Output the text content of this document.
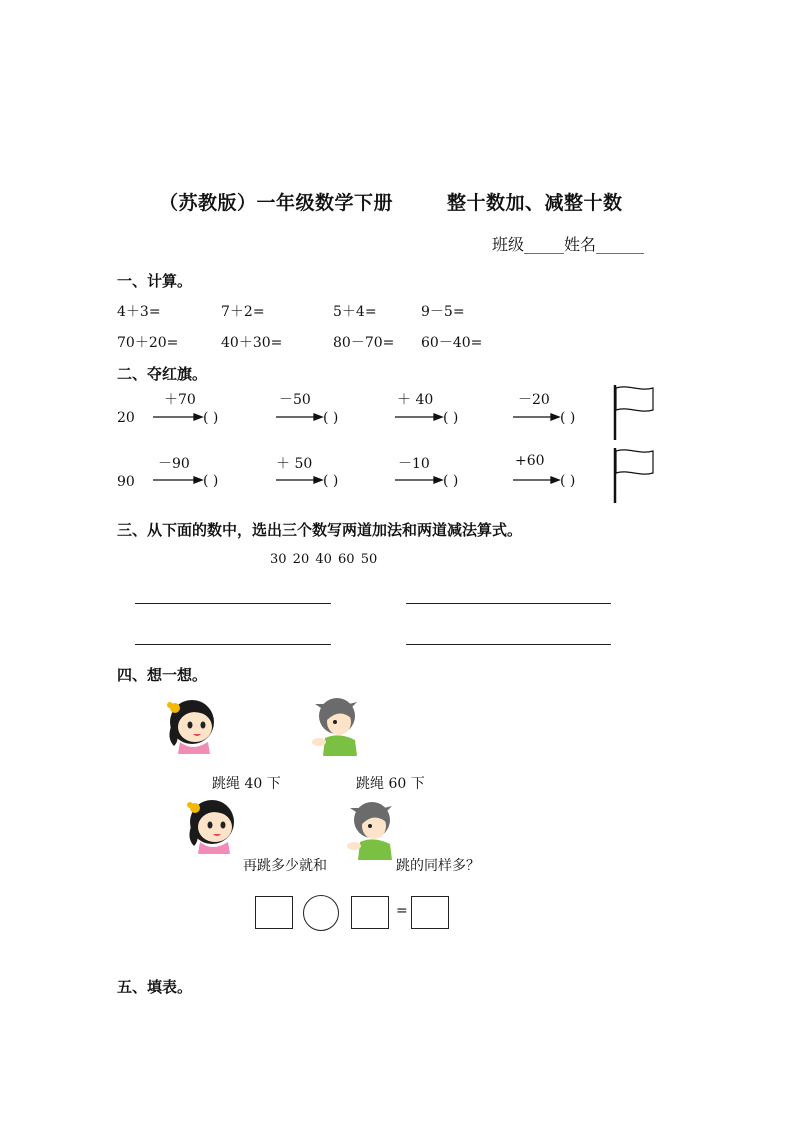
（苏教版）一年级数学下册	整十数加、减整十数
班级_____姓名______
一、计算。
4＋3=	7＋2=	5＋4=	9－5=
70＋20=	40＋30=	80－70= 60－40=
二、夺红旗。
20
＋70	－50	＋ 40	－20
( )	( )	( )	( )
90
－90	＋ 50	－10	+60
( )	( )	( )	( )
三、从下面的数中，选出三个数写两道加法和两道减法算式。
30 20 40 60 50
四、想一想。
跳绳 40 下	跳绳 60 下
再跳多少就和	跳的同样多？
=
五、填表。
